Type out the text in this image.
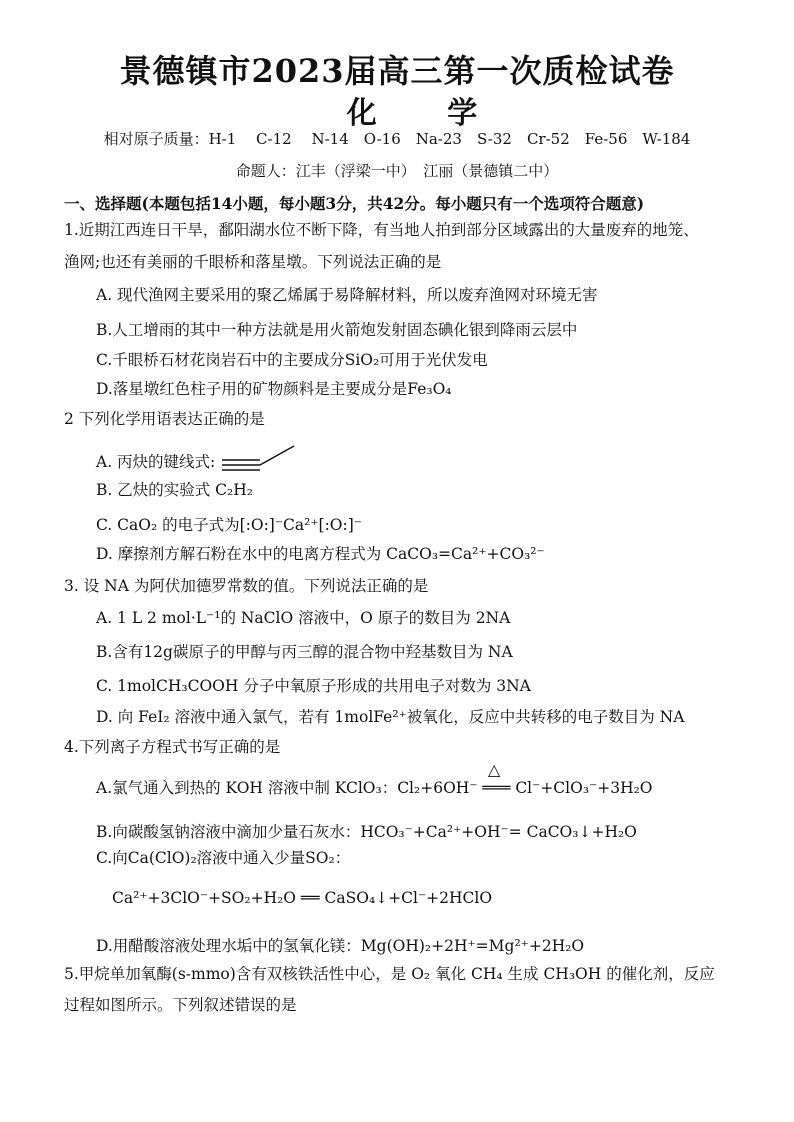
景德镇市2023届高三第一次质检试卷
化 学
相对原子质量：H-1　 C-12　 N-14　O-16　Na-23　S-32　Cr-52　Fe-56　W-184
命题人：江丰（浮梁一中）　江丽（景德镇二中）
一、选择题(本题包括14小题，每小题3分，共42分。每小题只有一个选项符合题意)
1.近期江西连日干旱，鄱阳湖水位不断下降，有当地人拍到部分区域露出的大量废弃的地笼、
渔网;也还有美丽的千眼桥和落星墩。下列说法正确的是
A. 现代渔网主要采用的聚乙烯属于易降解材料，所以废弃渔网对环境无害
B.人工增雨的其中一种方法就是用火箭炮发射固态碘化银到降雨云层中
C.千眼桥石材花岗岩石中的主要成分SiO₂可用于光伏发电
D.落星墩红色柱子用的矿物颜料是主要成分是Fe₃O₄
2 下列化学用语表达正确的是
A. 丙炔的键线式:
B. 乙炔的实验式 C₂H₂
C. CaO₂ 的电子式为[:O:]⁻Ca²⁺[:O:]⁻
D. 摩擦剂方解石粉在水中的电离方程式为 CaCO₃=Ca²⁺+CO₃²⁻
3. 设 NA 为阿伏加德罗常数的值。下列说法正确的是
A. 1 L 2 mol·L⁻¹的 NaClO 溶液中，O 原子的数目为 2NA
B.含有12g碳原子的甲醇与丙三醇的混合物中羟基数目为 NA
C. 1molCH₃COOH 分子中氧原子形成的共用电子对数为 3NA
D. 向 FeI₂ 溶液中通入氯气，若有 1molFe²⁺被氧化，反应中共转移的电子数目为 NA
4.下列离子方程式书写正确的是
△
A.氯气通入到热的 KOH 溶液中制 KClO₃：Cl₂+6OH⁻ ═══ Cl⁻+ClO₃⁻+3H₂O
B.向碳酸氢钠溶液中滴加少量石灰水：HCO₃⁻+Ca²⁺+OH⁻= CaCO₃↓+H₂O
C.向Ca(ClO)₂溶液中通入少量SO₂：
Ca²⁺+3ClO⁻+SO₂+H₂O ══ CaSO₄↓+Cl⁻+2HClO
D.用醋酸溶液处理水垢中的氢氧化镁：Mg(OH)₂+2H⁺=Mg²⁺+2H₂O
5.甲烷单加氧酶(s-mmo)含有双核铁活性中心，是 O₂ 氧化 CH₄ 生成 CH₃OH 的催化剂，反应
过程如图所示。下列叙述错误的是
